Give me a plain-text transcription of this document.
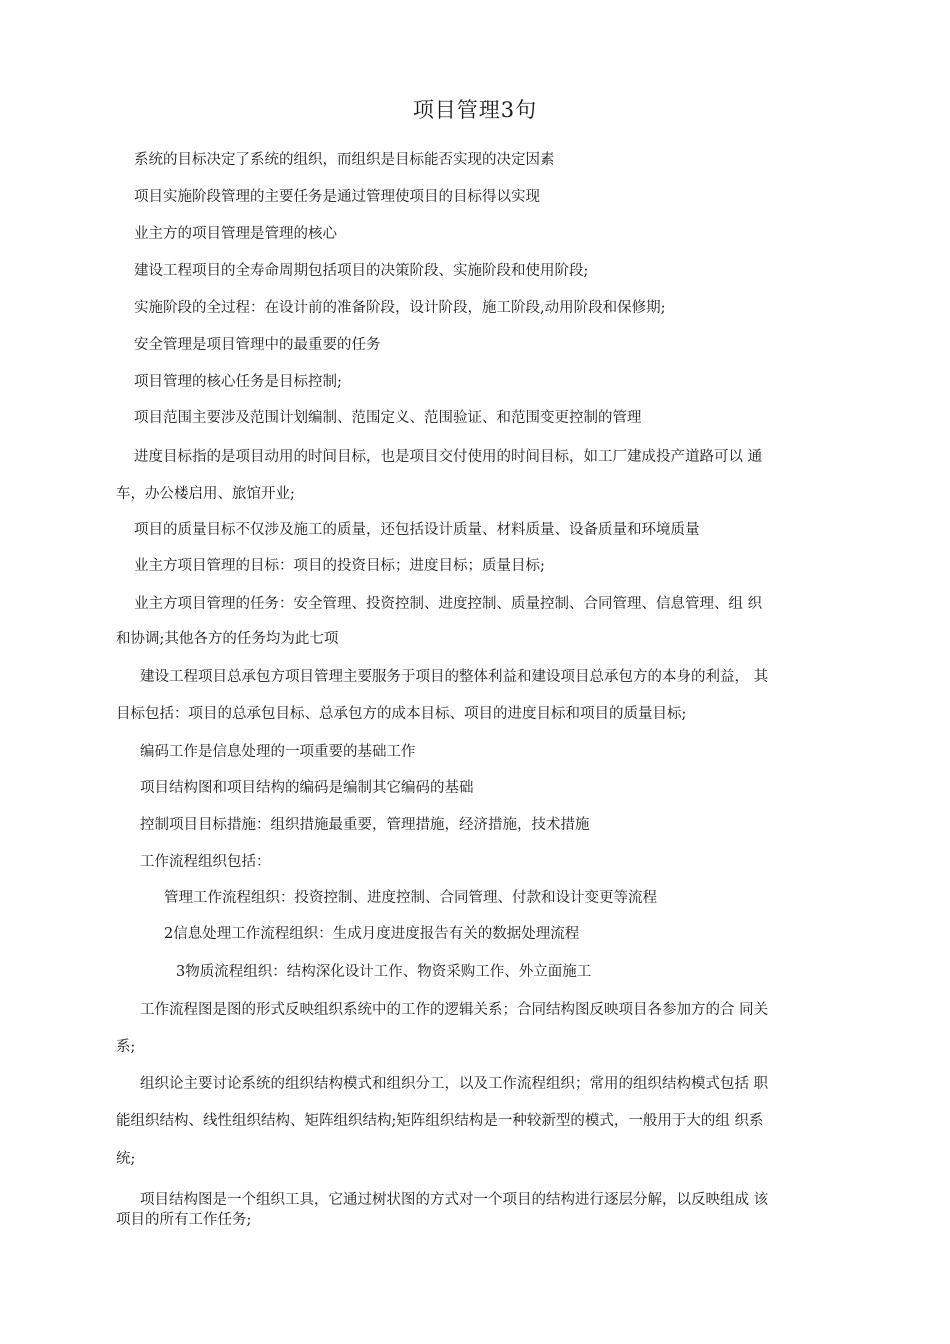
项目管理3句
系统的目标决定了系统的组织，而组织是目标能否实现的决定因素
项目实施阶段管理的主要任务是通过管理使项目的目标得以实现
业主方的项目管理是管理的核心
建设工程项目的全寿命周期包括项目的决策阶段、实施阶段和使用阶段;
实施阶段的全过程：在设计前的准备阶段，设计阶段，施工阶段,动用阶段和保修期;
安全管理是项目管理中的最重要的任务
项目管理的核心任务是目标控制;
项目范围主要涉及范围计划编制、范围定义、范围验证、和范围变更控制的管理
进度目标指的是项目动用的时间目标，也是项目交付使用的时间目标，如工厂建成投产道路可以 通
车，办公楼启用、旅馆开业;
项目的质量目标不仅涉及施工的质量，还包括设计质量、材料质量、设备质量和环境质量
业主方项目管理的目标：项目的投资目标；进度目标；质量目标;
业主方项目管理的任务：安全管理、投资控制、进度控制、质量控制、合同管理、信息管理、组 织
和协调;其他各方的任务均为此七项
建设工程项目总承包方项目管理主要服务于项目的整体利益和建设项目总承包方的本身的利益， 其
目标包括：项目的总承包目标、总承包方的成本目标、项目的进度目标和项目的质量目标;
编码工作是信息处理的一项重要的基础工作
项目结构图和项目结构的编码是编制其它编码的基础
控制项目目标措施：组织措施最重要，管理措施，经济措施，技术措施
工作流程组织包括：
管理工作流程组织：投资控制、进度控制、合同管理、付款和设计变更等流程
2信息处理工作流程组织：生成月度进度报告有关的数据处理流程
3物质流程组织：结构深化设计工作、物资采购工作、外立面施工
工作流程图是图的形式反映组织系统中的工作的逻辑关系；合同结构图反映项目各参加方的合 同关
系;
组织论主要讨论系统的组织结构模式和组织分工，以及工作流程组织；常用的组织结构模式包括 职
能组织结构、线性组织结构、矩阵组织结构;矩阵组织结构是一种较新型的模式，一般用于大的组 织系
统;
项目结构图是一个组织工具，它通过树状图的方式对一个项目的结构进行逐层分解，以反映组成 该
项目的所有工作任务;
